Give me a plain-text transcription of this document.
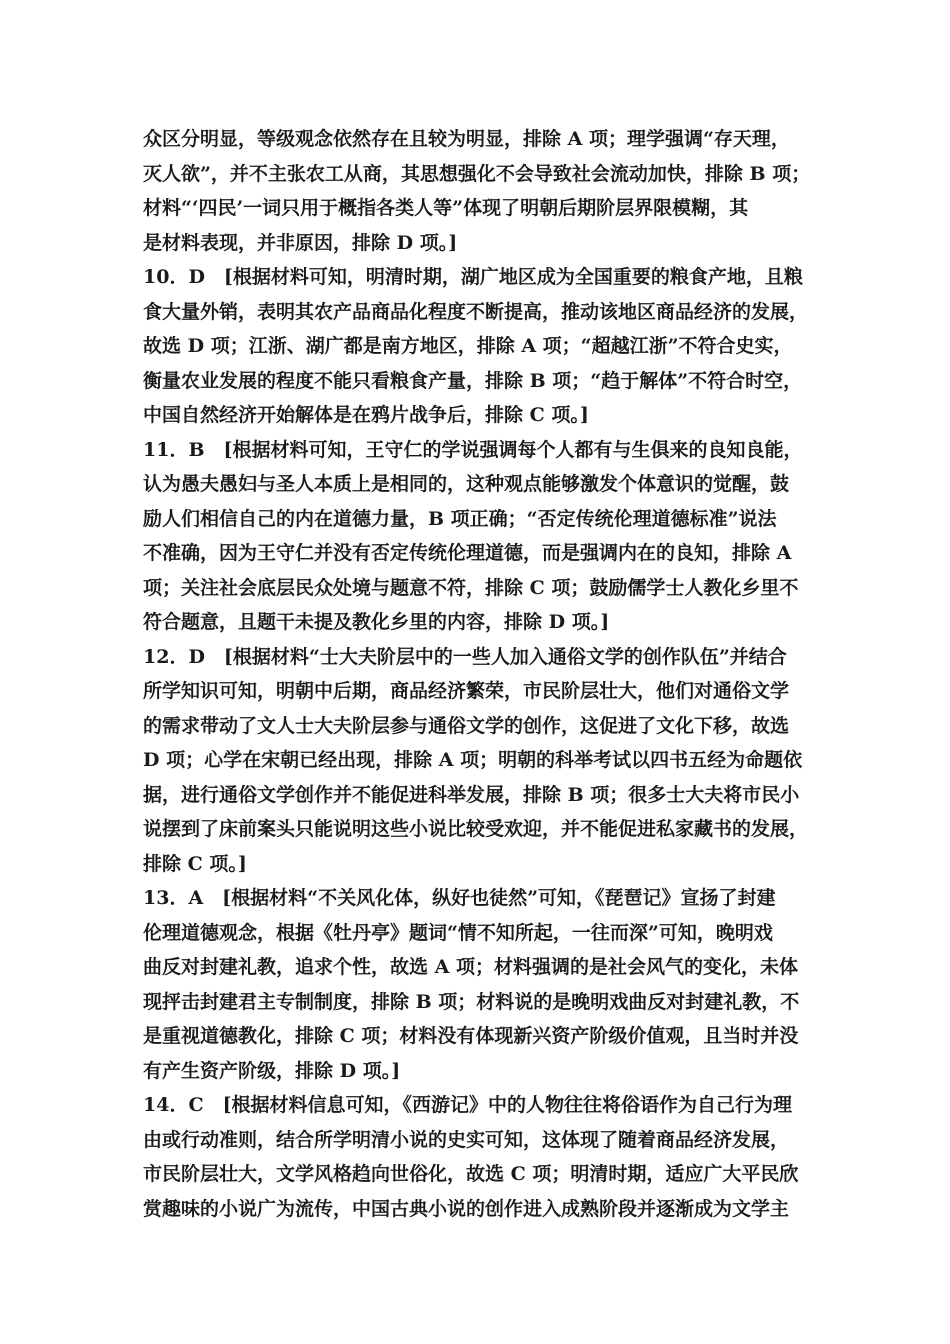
众区分明显，等级观念依然存在且较为明显，排除 A 项；理学强调“存天理，
灭人欲”，并不主张农工从商，其思想强化不会导致社会流动加快，排除 B 项；
材料“‘四民’一词只用于概指各类人等”体现了明朝后期阶层界限模糊，其
是材料表现，并非原因，排除 D 项。]
10．D　[根据材料可知，明清时期，湖广地区成为全国重要的粮食产地，且粮
食大量外销，表明其农产品商品化程度不断提高，推动该地区商品经济的发展，
故选 D 项；江浙、湖广都是南方地区，排除 A 项；“超越江浙”不符合史实，
衡量农业发展的程度不能只看粮食产量，排除 B 项；“趋于解体”不符合时空，
中国自然经济开始解体是在鸦片战争后，排除 C 项。]
11．B　[根据材料可知，王守仁的学说强调每个人都有与生俱来的良知良能，
认为愚夫愚妇与圣人本质上是相同的，这种观点能够激发个体意识的觉醒，鼓
励人们相信自己的内在道德力量，B 项正确；“否定传统伦理道德标准”说法
不准确，因为王守仁并没有否定传统伦理道德，而是强调内在的良知，排除 A
项；关注社会底层民众处境与题意不符，排除 C 项；鼓励儒学士人教化乡里不
符合题意，且题干未提及教化乡里的内容，排除 D 项。]
12．D　[根据材料“士大夫阶层中的一些人加入通俗文学的创作队伍”并结合
所学知识可知，明朝中后期，商品经济繁荣，市民阶层壮大，他们对通俗文学
的需求带动了文人士大夫阶层参与通俗文学的创作，这促进了文化下移，故选
D 项；心学在宋朝已经出现，排除 A 项；明朝的科举考试以四书五经为命题依
据，进行通俗文学创作并不能促进科举发展，排除 B 项；很多士大夫将市民小
说摆到了床前案头只能说明这些小说比较受欢迎，并不能促进私家藏书的发展，
排除 C 项。]
13．A　[根据材料“不关风化体，纵好也徒然”可知，《琵琶记》宣扬了封建
伦理道德观念，根据《牡丹亭》题词“情不知所起，一往而深”可知，晚明戏
曲反对封建礼教，追求个性，故选 A 项；材料强调的是社会风气的变化，未体
现抨击封建君主专制制度，排除 B 项；材料说的是晚明戏曲反对封建礼教，不
是重视道德教化，排除 C 项；材料没有体现新兴资产阶级价值观，且当时并没
有产生资产阶级，排除 D 项。]
14．C　[根据材料信息可知，《西游记》中的人物往往将俗语作为自己行为理
由或行动准则，结合所学明清小说的史实可知，这体现了随着商品经济发展，
市民阶层壮大，文学风格趋向世俗化，故选 C 项；明清时期，适应广大平民欣
赏趣味的小说广为流传，中国古典小说的创作进入成熟阶段并逐渐成为文学主
